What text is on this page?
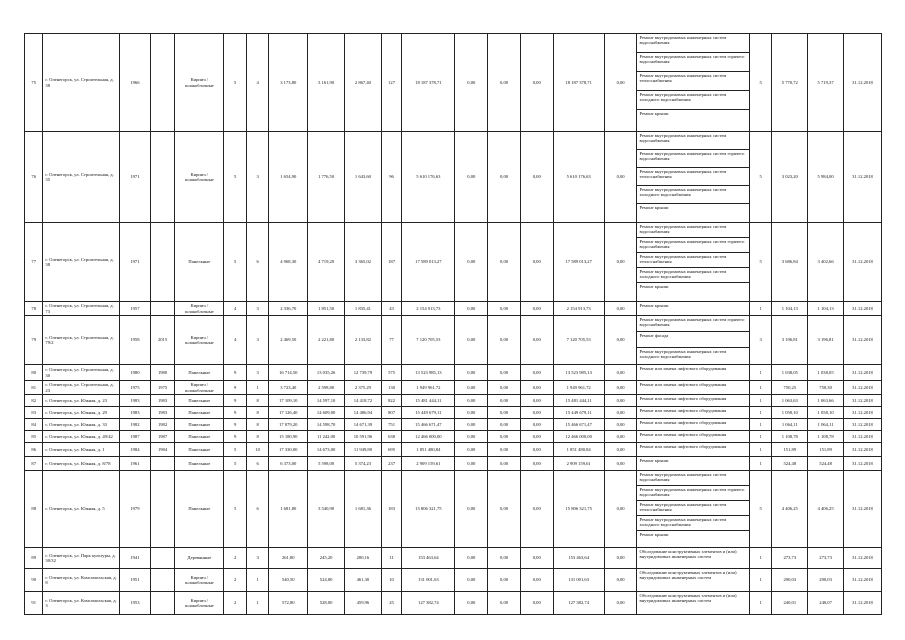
75	г. Оленегорск, ул. Строительная, д. 38	1966		Кирпич / шлакоблочные	5	4	3 173,80	3 161,90	2 867,40	127	18 187 378,71	0,00	0,00	0,00	18 187 378,71	0,00	Ремонт внутридомовых инженерных систем водоснабжения
Ремонт внутридомовых инженерных систем горячего водоснабжения
Ремонт внутридомовых инженерных систем теплоснабжения
Ремонт внутридомовых инженерных систем холодного водоснабжения
Ремонт крыши	5	5 770,72	5 719,37	31.12.2018
76	г. Оленегорск, ул. Строительная, д. 35	1971		Кирпич / шлакоблочные	5	3	1 654,90	1 776,50	1 643,60	96	5 610 176,63	0,00	0,00	0,00	5 610 176,63	0,00	Ремонт внутридомовых инженерных систем водоснабжения
Ремонт внутридомовых инженерных систем горячего водоснабжения
Ремонт внутридомовых инженерных систем теплоснабжения
Ремонт внутридомовых инженерных систем холодного водоснабжения
Ремонт крыши	5	3 023,20	5 984,00	31.12.2018
77	г. Оленегорск, ул. Строительная, д. 38	1971		Панельные	5	6	4 968,30	4 719,20	3 365,02	187	17 589 013,27	0,00	0,00	0,00	17 589 013,27	0,00	Ремонт внутридомовых инженерных систем водоснабжения
Ремонт внутридомовых инженерных систем горячего водоснабжения
Ремонт внутридомовых инженерных систем теплоснабжения
Ремонт внутридомовых инженерных систем холодного водоснабжения
Ремонт крыши	5	3 686,84	3 402,66	31.12.2018
78	г. Оленегорск, ул. Строительная, д. 73	1957		Кирпич / шлакоблочные	4	3	2 336,70	1 851,50	1 835,41	43	2 154 913,73	0,00	0,00	0,00	2 154 913,73	0,00	Ремонт крыши	1	1 104,13	1 104,13	31.12.2018
79	г. Оленегорск, ул. Строительная, д. 79/2	1958	2015	Кирпич / шлакоблочные	4	3	2 469,50	2 221,80	2 133,82	77	7 120 705,53	0,00	0,00	0,00	7 120 705,53	0,00	Ремонт внутридомовых инженерных систем горячего водоснабжения
Ремонт фасада
Ремонт внутридомовых инженерных систем холодного водоснабжения	3	3 196,81	3 196,81	31.12.2018
80	г. Оленегорск, ул. Строительная, д. 30	1980	1980	Панельные	9	3	16 714,50	13 035,26	12 739,79	575	13 523 985,13	0,00	0,00	0,00	13 523 985,13	0,00	Ремонт или замена лифтового оборудования	1	1 038,05	1 038,05	31.12.2018
81	г. Оленегорск, ул. Строительная, д. 23	1975	1975	Кирпич / шлакоблочные	9	1	3 723,40	2 598,80	2 375,29	130	1 949 961,72	0,00	0,00	0,00	1 949 961,72	0,00	Ремонт или замена лифтового оборудования	1	750,25	750,30	31.12.2018
82	г. Оленегорск, ул. Южная, д. 23	1983	1983	Панельные	9	8	17 109,10	14 597,10	14 418,72	822	15 481 444,11	0,00	0,00	0,00	15 481 444,11	0,00	Ремонт или замена лифтового оборудования	1	1 063,63	1 063,66	31.12.2018
83	г. Оленегорск, ул. Южная, д. 29	1983	1983	Панельные	9	8	17 126,40	14 609,00	14 486,94	807	15 449 679,11	0,00	0,00	0,00	15 449 679,11	0,00	Ремонт или замена лифтового оборудования	1	1 058,10	1 058,10	31.12.2018
84	г. Оленегорск, ул. Южная, д. 33	1982	1982	Панельные	9	8	17 079,20	14 598,70	14 671,39	751	15 466 671,47	0,00	0,00	0,00	15 466 671,47	0,00	Ремонт или замена лифтового оборудования	1	1 064,11	1 064,11	31.12.2018
85	г. Оленегорск, ул. Южная, д. 49/42	1987	1987	Панельные	9	8	15 180,90	11 242,00	10 591,96	638	12 466 000,00	0,00	0,00	0,00	12 466 000,00	0,00	Ремонт или замена лифтового оборудования	1	1 108,78	1 108,78	31.12.2018
86	г. Оленегорск, ул. Южная, д. 1	1984	1984	Панельные	5	10	17 330,00	14 673,00	11 949,80	695	1 851 480,84	0,00	0,00	0,00	1 851 480,84	0,00	Ремонт или замена лифтового оборудования	1	151,89	151,89	31.12.2018
87	г. Оленегорск, ул. Южная, д. 8/78	1961		Панельные	5	6	6 373,00	5 598,00	5 374,23	237	2 909 159,61	0,00	0,00	0,00	2 909 159,61	0,00	Ремонт крыши	1	524,48	524,48	31.12.2018
88	г. Оленегорск, ул. Южная, д. 5	1979		Панельные	5	6	1 681,80	3 540,90	1 681,36	183	15 806 321,75	0,00	0,00	0,00	15 806 321,75	0,00	Ремонт внутридомовых инженерных систем водоснабжения
Ремонт внутридомовых инженерных систем горячего водоснабжения
Ремонт внутридомовых инженерных систем теплоснабжения
Ремонт внутридомовых инженерных систем холодного водоснабжения
Ремонт крыши	5	4 406,25	4 406,25	31.12.2018
89	г. Оленегорск, ул. Парк культуры, д. 30/32	1941		Деревянные	2	3	261,80	245,20	200,16	11	153 463,64	0,00	0,00	0,00	153 463,64	0,00	Обследование конструктивных элементов и (или) внутридомовых инженерных систем	1	273,73	273,73	31.12.2018
90	г. Оленегорск, ул. Комсомольская, д. 8	1951		Кирпич / шлакоблочные	2	1	540,50	524,80	461,30	10	131 001,63	0,00	0,00	0,00	131 001,63	0,00	Обследование конструктивных элементов и (или) внутридомовых инженерных систем	1	290,03	290,03	31.12.2018
91	г. Оленегорск, ул. Комсомольская, д. 3	1953		Кирпич / шлакоблочные	2	1	572,80	528,00	459,96	25	127 382,74	0,00	0,00	0,00	127 382,74	0,00	Обследование конструктивных элементов и (или) внутридомовых инженерных систем	1	240,01	240,07	31.12.2018
